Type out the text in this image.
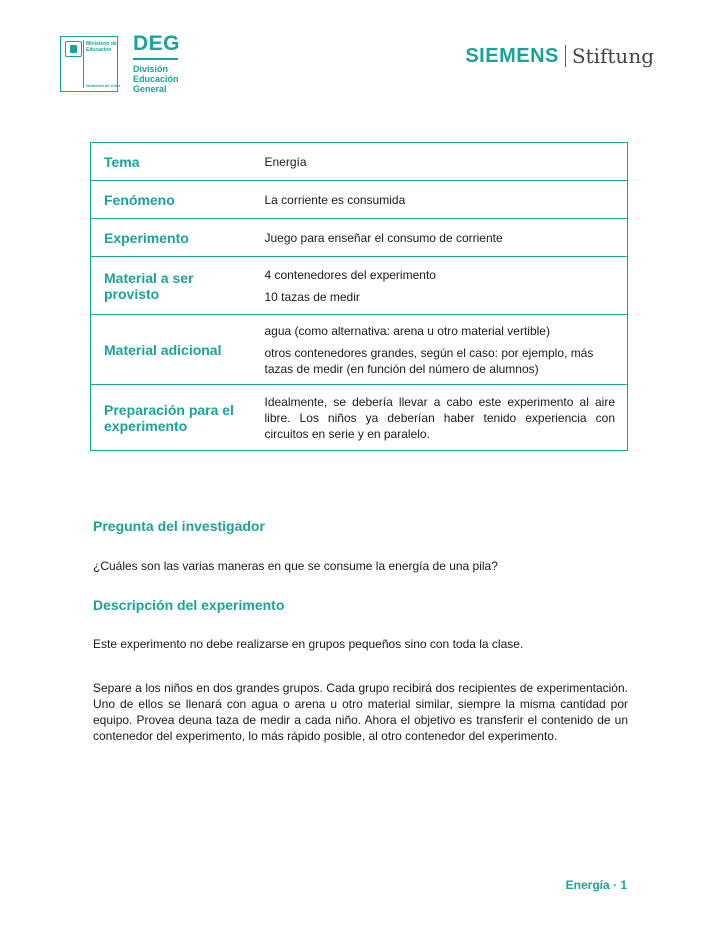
Ministerio de Educación
Gobierno de Chile
DEG
División
Educación
General
SIEMENS Stiftung
Tema	Energía

Fenómeno	La corriente es consumida

Experimento	Juego para enseñar el consumo de corriente

Material a ser provisto	4 contenedores del experimento

10 tazas de medir

Material adicional	agua (como alternativa: arena u otro material vertible)

otros contenedores grandes, según el caso: por ejemplo, más tazas de medir (en función del número de alumnos)

Preparación para el experimento	Idealmente, se debería llevar a cabo este experimento al aire libre. Los niños ya deberían haber tenido experiencia con circuitos en serie y en paralelo.

Pregunta del investigador
¿Cuáles son las varias maneras en que se consume la energía de una pila?
Descripción del experimento
Este experimento no debe realizarse en grupos pequeños sino con toda la clase.
Separe a los niños en dos grandes grupos. Cada grupo recibirá dos recipientes de experimentación. Uno de ellos se llenará con agua o arena u otro material similar, siempre la misma cantidad por equipo. Provea deuna taza de medir a cada niño. Ahora el objetivo es transferir el contenido de un contenedor del experimento, lo más rápido posible, al otro contenedor del experimento.
Energía · 1
